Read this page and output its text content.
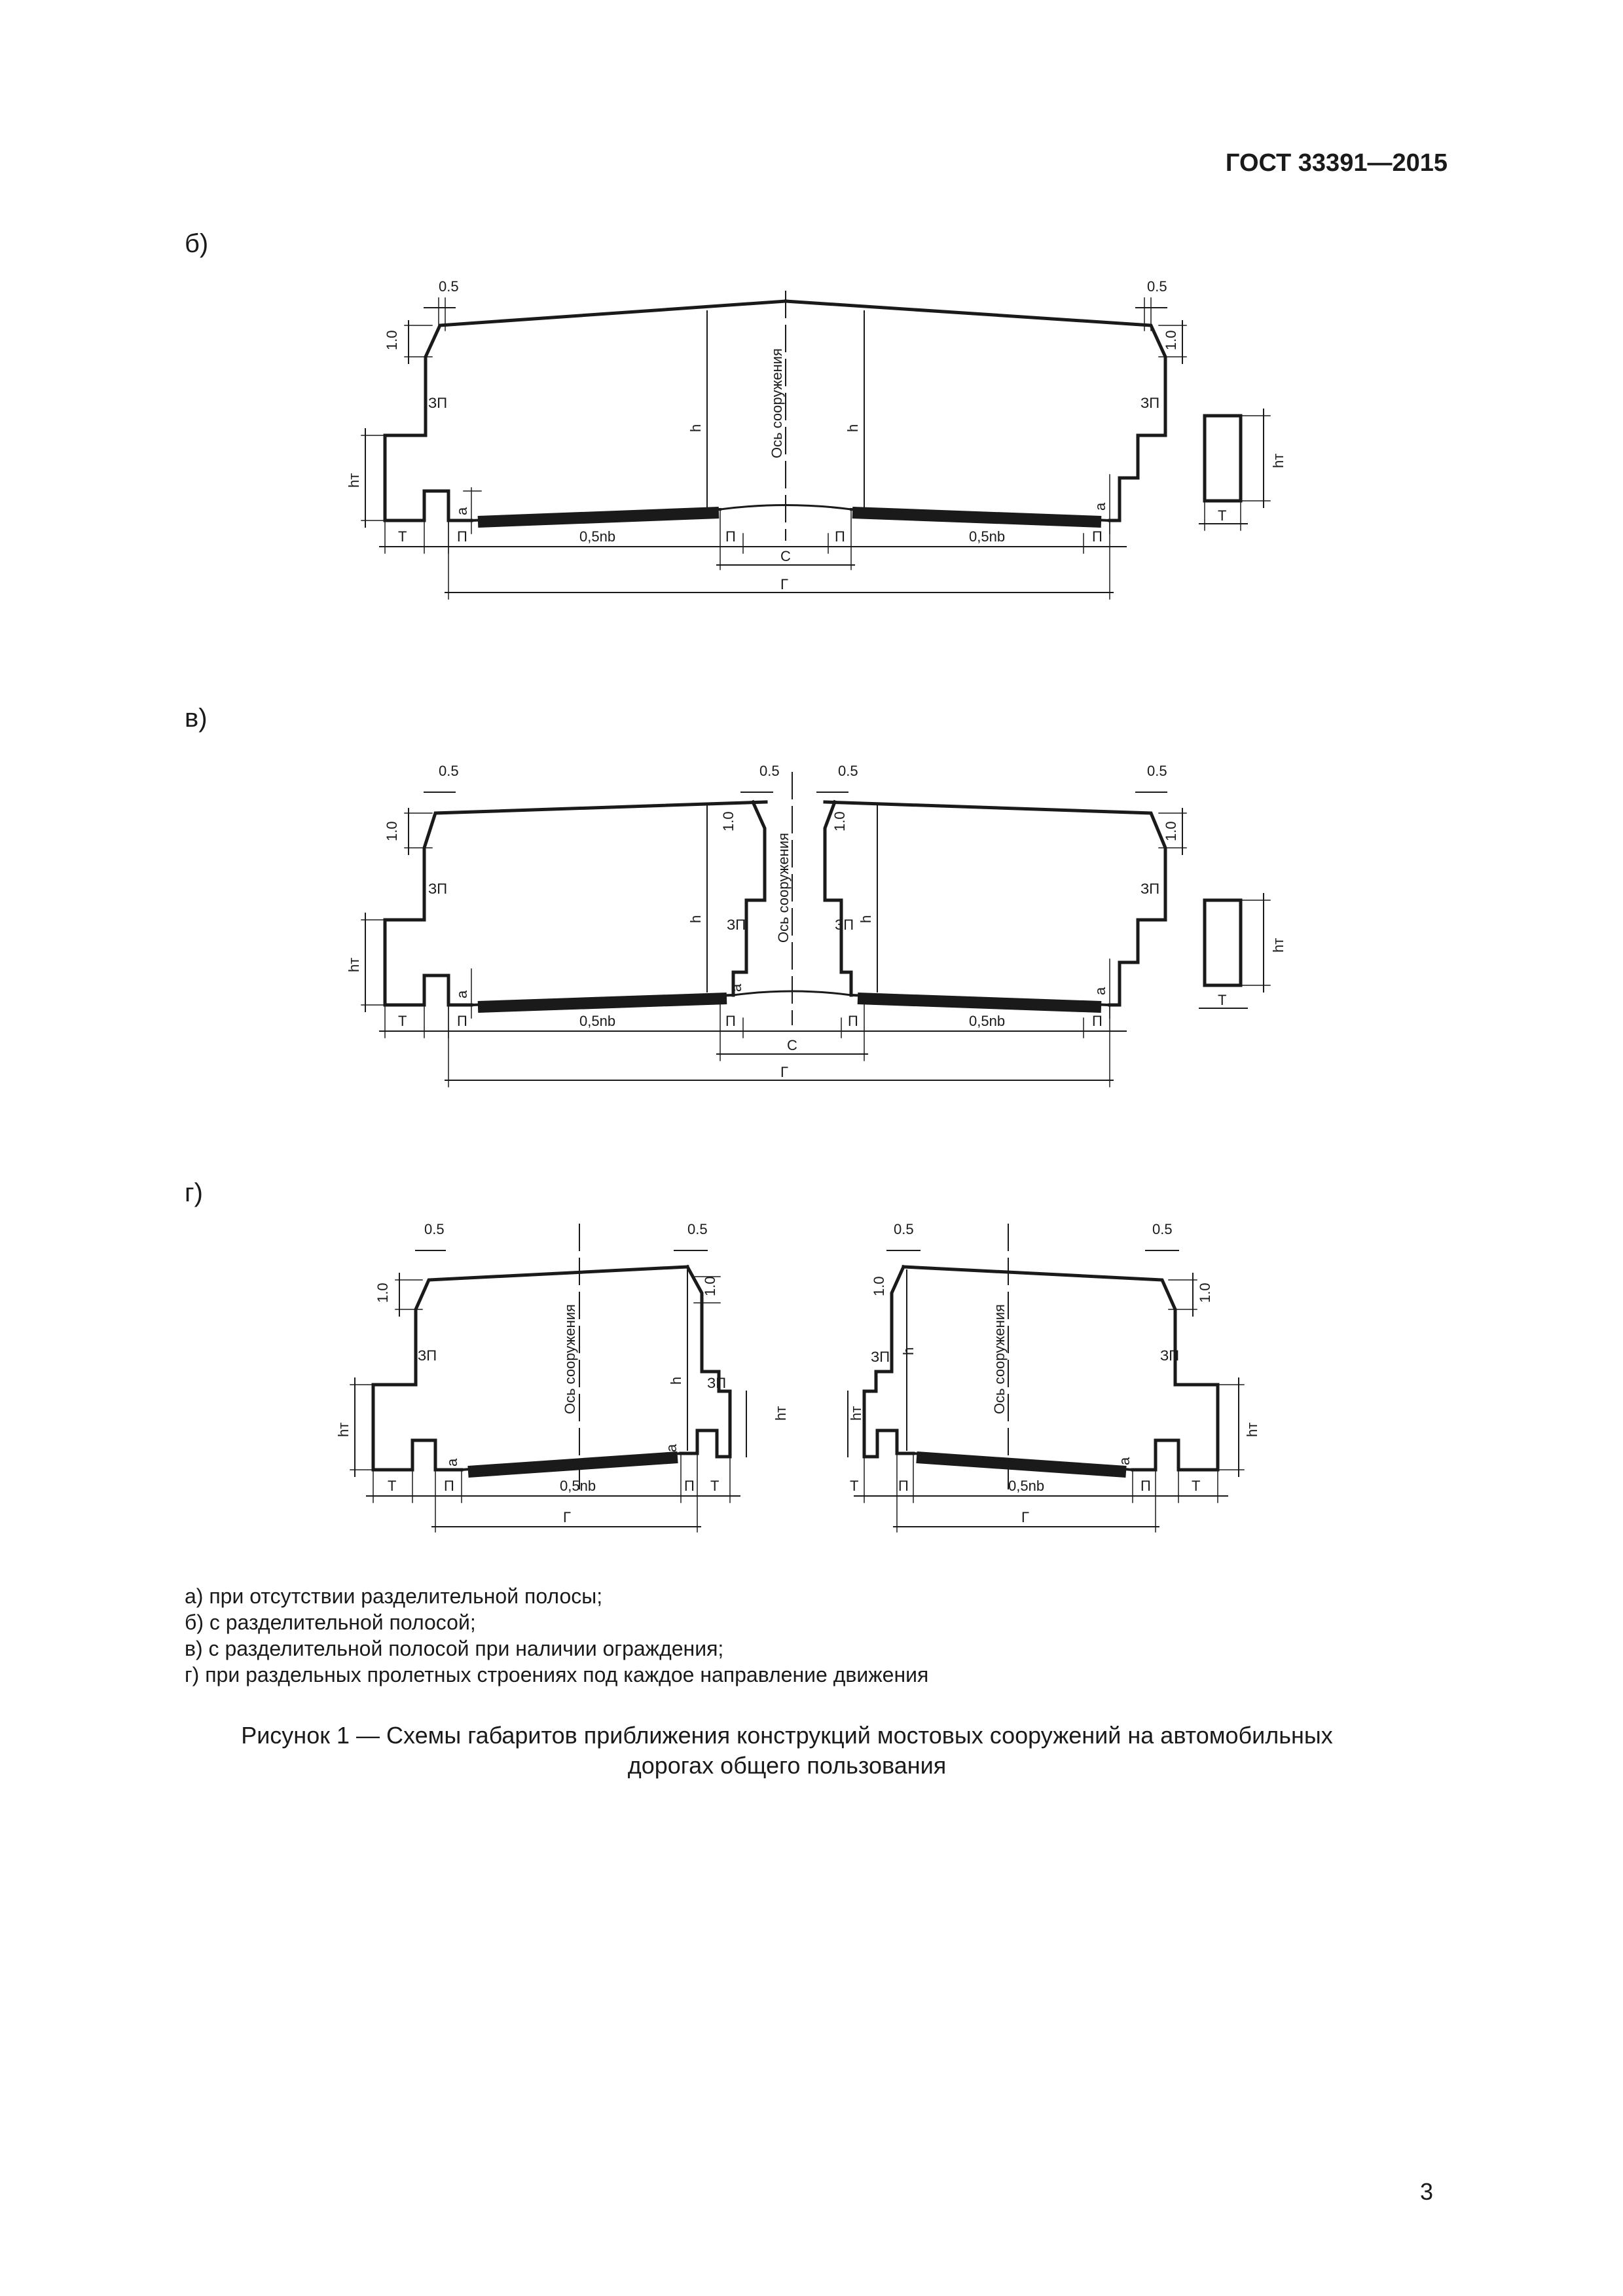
ГОСТ 33391—2015
б)
0.5	0.5
1.0	1.0
ЗП	ЗП
hт
hт
h	h
Ось сооружения
а
а
Т	П	0,5nb	П	П	0,5nb	П
С
Г
Т
в)
0.5	0.5	0.5	0.5
1.0	1.0	1.0	1.0
ЗП
ЗП	ЗП
ЗП
hт
hт
h	h
Ось сооружения
а
а	а
Т	П	0,5nb	П	П	0,5nb	П
С
Г
Т
г)
0.5	0.5	0.5	0.5
1.0	1.0	1.0	1.0
ЗП
ЗП
ЗП	ЗП
hт
hт	hт
hт
h
h
Ось сооружения	Ось сооружения
а
а
а
Т	П	0,5nb	П Т	Т	П	0,5nb	П	Т
Г	Г
а) при отсутствии разделительной полосы;
б) с разделительной полосой;
в) с разделительной полосой при наличии ограждения;
г) при раздельных пролетных строениях под каждое направление движения
Рисунок 1 — Схемы габаритов приближения конструкций мостовых сооружений на автомобильных
дорогах общего пользования
3
